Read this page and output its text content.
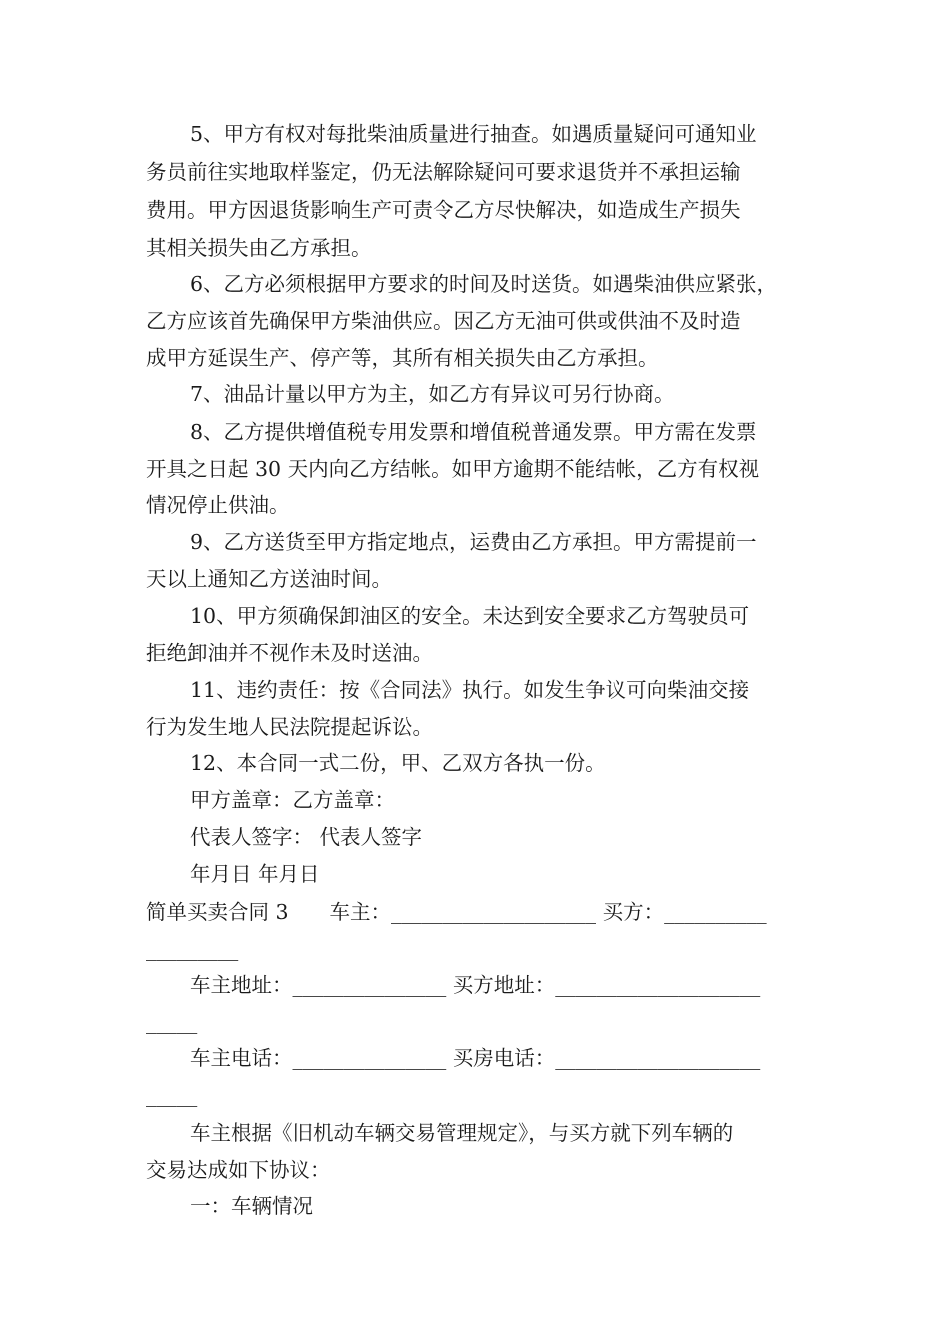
5、甲方有权对每批柴油质量进行抽查。如遇质量疑问可通知业
务员前往实地取样鉴定，仍无法解除疑问可要求退货并不承担运输
费用。甲方因退货影响生产可责令乙方尽快解决，如造成生产损失
其相关损失由乙方承担。
6、乙方必须根据甲方要求的时间及时送货。如遇柴油供应紧张，
乙方应该首先确保甲方柴油供应。因乙方无油可供或供油不及时造
成甲方延误生产、停产等，其所有相关损失由乙方承担。
7、油品计量以甲方为主，如乙方有异议可另行协商。
8、乙方提供增值税专用发票和增值税普通发票。甲方需在发票
开具之日起 30 天内向乙方结帐。如甲方逾期不能结帐，乙方有权视
情况停止供油。
9、乙方送货至甲方指定地点，运费由乙方承担。甲方需提前一
天以上通知乙方送油时间。
10、甲方须确保卸油区的安全。未达到安全要求乙方驾驶员可
拒绝卸油并不视作未及时送油。
11、违约责任：按《合同法》执行。如发生争议可向柴油交接
行为发生地人民法院提起诉讼。
12、本合同一式二份，甲、乙双方各执一份。
甲方盖章：乙方盖章：
代表人签字： 代表人签字
年月日 年月日
简单买卖合同 3　　车主：____________________ 买方：__________
_________
车主地址：_______________ 买方地址：____________________
_____
车主电话：_______________ 买房电话：____________________
_____
车主根据《旧机动车辆交易管理规定》，与买方就下列车辆的
交易达成如下协议：
一：车辆情况
